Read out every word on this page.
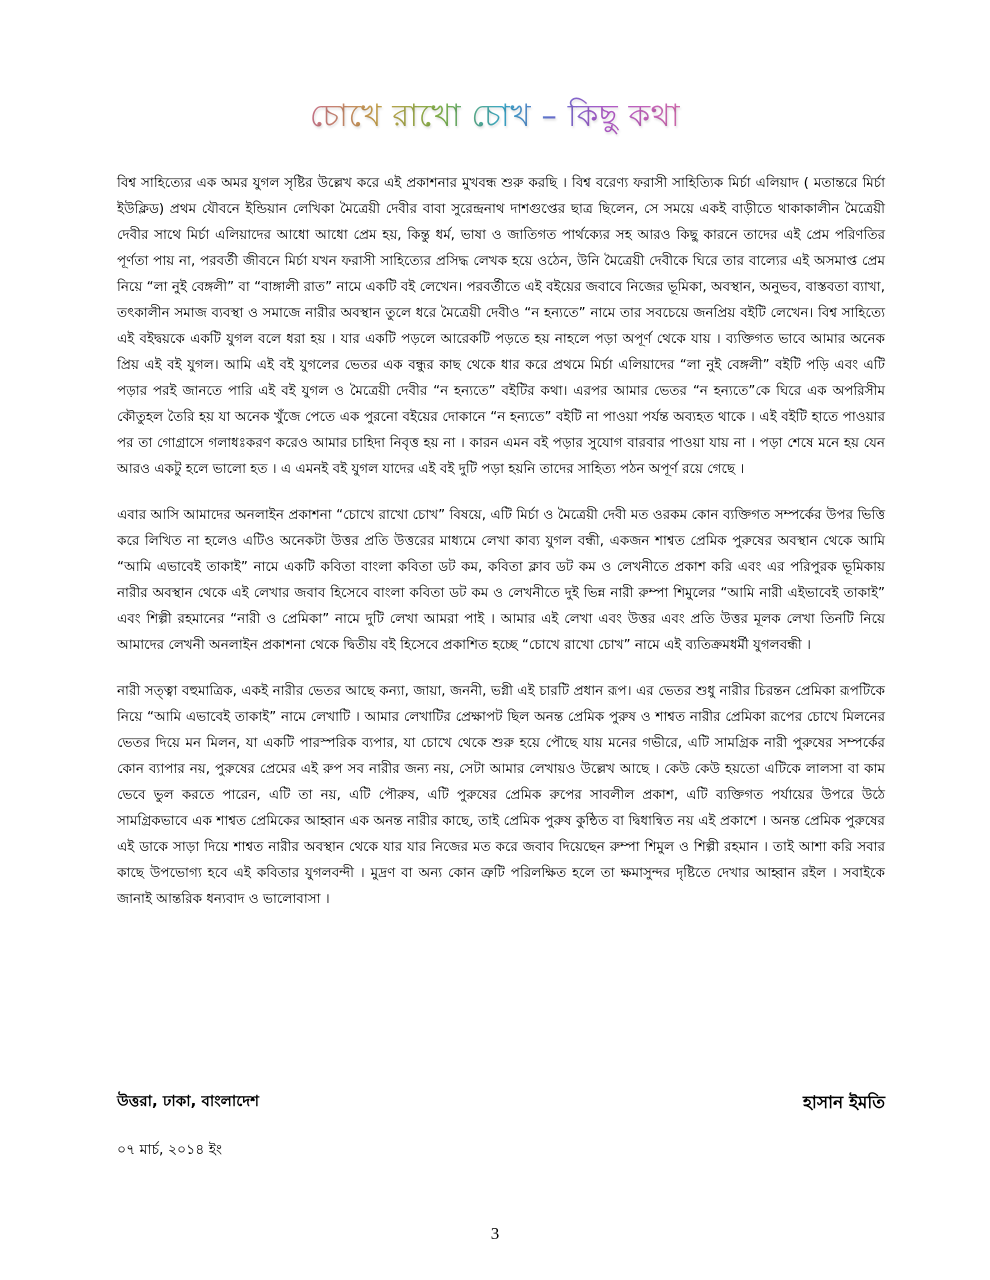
চোখে রাখো চোখ – কিছু কথা

বিশ্ব সাহিত্যের এক অমর যুগল সৃষ্টির উল্লেখ করে এই প্রকাশনার মুখবন্ধ শুরু করছি । বিশ্ব বরেণ্য ফরাসী সাহিত্যিক মির্চা এলিয়াদ ( মতান্তরে মির্চা ইউক্লিড) প্রথম যৌবনে ইন্ডিয়ান লেখিকা মৈত্রেয়ী দেবীর বাবা সুরেন্দ্রনাথ দাশগুপ্তের ছাত্র ছিলেন, সে সময়ে একই বাড়ীতে থাকাকালীন মৈত্রেয়ী দেবীর সাথে মির্চা এলিয়াদের আধো আধো প্রেম হয়, কিন্তু ধর্ম, ভাষা ও জাতিগত পার্থক্যের সহ আরও কিছু কারনে তাদের এই প্রেম পরিণতির পূর্ণতা পায় না, পরবর্তী জীবনে মির্চা যখন ফরাসী সাহিত্যের প্রসিদ্ধ লেখক হয়ে ওঠেন, উনি মৈত্রেয়ী দেবীকে ঘিরে তার বাল্যের এই অসমাপ্ত প্রেম নিয়ে “লা নুই বেঙ্গলী” বা “বাঙ্গালী রাত” নামে একটি বই লেখেন। পরবর্তীতে এই বইয়ের জবাবে নিজের ভূমিকা, অবস্থান, অনুভব, বাস্তবতা ব্যাখা, তৎকালীন সমাজ ব্যবস্থা ও সমাজে নারীর অবস্থান তুলে ধরে মৈত্রেয়ী দেবীও “ন হন্যতে” নামে তার সবচেয়ে জনপ্রিয় বইটি লেখেন। বিশ্ব সাহিত্যে এই বইদ্বয়কে একটি যুগল বলে ধরা হয় । যার একটি পড়লে আরেকটি পড়তে হয় নাহলে পড়া অপূর্ণ থেকে যায় । ব্যক্তিগত ভাবে আমার অনেক প্রিয় এই বই যুগল। আমি এই বই যুগলের ভেতর এক বন্ধুর কাছ থেকে ধার করে প্রথমে মির্চা এলিয়াদের “লা নুই বেঙ্গলী” বইটি পড়ি এবং এটি পড়ার পরই জানতে পারি এই বই যুগল ও মৈত্রেয়ী দেবীর “ন হন্যতে” বইটির কথা। এরপর আমার ভেতর “ন হন্যতে”কে ঘিরে এক অপরিসীম কৌতুহল তৈরি হয় যা অনেক খুঁজে পেতে এক পুরনো বইয়ের দোকানে “ন হন্যতে” বইটি না পাওয়া পর্যন্ত অব্যহত থাকে । এই বইটি হাতে পাওয়ার পর তা গোগ্রাসে গলাধঃকরণ করেও আমার চাহিদা নিবৃত্ত হয় না । কারন এমন বই পড়ার সুযোগ বারবার পাওয়া যায় না । পড়া শেষে মনে হয় যেন আরও একটু হলে ভালো হত । এ এমনই বই যুগল যাদের এই বই দুটি পড়া হয়নি তাদের সাহিত্য পঠন অপূর্ণ রয়ে গেছে ।

এবার আসি আমাদের অনলাইন প্রকাশনা “চোখে রাখো চোখ” বিষয়ে, এটি মির্চা ও মৈত্রেয়ী দেবী মত ওরকম কোন ব্যক্তিগত সম্পর্কের উপর ভিত্তি করে লিখিত না হলেও এটিও অনেকটা উত্তর প্রতি উত্তরের মাধ্যমে লেখা কাব্য যুগল বন্ধী, একজন শাশ্বত প্রেমিক পুরুষের অবস্থান থেকে আমি “আমি এভাবেই তাকাই” নামে একটি কবিতা বাংলা কবিতা ডট কম, কবিতা ক্লাব ডট কম ও লেখনীতে প্রকাশ করি এবং এর পরিপুরক ভূমিকায় নারীর অবস্থান থেকে এই লেখার জবাব হিসেবে বাংলা কবিতা ডট কম ও লেখনীতে দুই ভিন্ন নারী রুম্পা শিমুলের “আমি নারী এইভাবেই তাকাই” এবং শিল্পী রহমানের “নারী ও প্রেমিকা” নামে দুটি লেখা আমরা পাই । আমার এই লেখা এবং উত্তর এবং প্রতি উত্তর মূলক লেখা তিনটি নিয়ে আমাদের লেখনী অনলাইন প্রকাশনা থেকে দ্বিতীয় বই হিসেবে প্রকাশিত হচ্ছে “চোখে রাখো চোখ” নামে এই ব্যতিক্রমধর্মী যুগলবন্ধী ।

নারী সত্ত্বা বহুমাত্রিক, একই নারীর ভেতর আছে কন্যা, জায়া, জননী, ভগ্নী এই চারটি প্রধান রূপ। এর ভেতর শুধু নারীর চিরন্তন প্রেমিকা রূপটিকে নিয়ে “আমি এভাবেই তাকাই” নামে লেখাটি । আমার লেখাটির প্রেক্ষাপট ছিল অনন্ত প্রেমিক পুরুষ ও শাশ্বত নারীর প্রেমিকা রূপের চোখে মিলনের ভেতর দিয়ে মন মিলন, যা একটি পারস্পরিক ব্যপার, যা চোখে থেকে শুরু হয়ে পৌছে যায় মনের গভীরে, এটি সামগ্রিক নারী পুরুষের সম্পর্কের কোন ব্যাপার নয়, পুরুষের প্রেমের এই রুপ সব নারীর জন্য নয়, সেটা আমার লেখায়ও উল্লেখ আছে । কেউ কেউ হয়তো এটিকে লালসা বা কাম ভেবে ভুল করতে পারেন, এটি তা নয়, এটি পৌরুষ, এটি পুরুষের প্রেমিক রুপের সাবলীল প্রকাশ, এটি ব্যক্তিগত পর্যায়ের উপরে উঠে সামগ্রিকভাবে এক শাশ্বত প্রেমিকের আহ্বান এক অনন্ত নারীর কাছে, তাই প্রেমিক পুরুষ কুন্ঠিত বা দ্বিধান্বিত নয় এই প্রকাশে । অনন্ত প্রেমিক পুরুষের এই ডাকে সাড়া দিয়ে শাশ্বত নারীর অবস্থান থেকে যার যার নিজের মত করে জবাব দিয়েছেন রুম্পা শিমুল ও শিল্পী রহমান । তাই আশা করি সবার কাছে উপভোগ্য হবে এই কবিতার যুগলবন্দী । মুদ্রণ বা অন্য কোন ত্রুটি পরিলক্ষিত হলে তা ক্ষমাসুন্দর দৃষ্টিতে দেখার আহ্বান রইল । সবাইকে জানাই আন্তরিক ধন্যবাদ ও ভালোবাসা ।

উত্তরা, ঢাকা, বাংলাদেশ	হাসান ইমতি
০৭ মার্চ, ২০১৪ ইং
3
